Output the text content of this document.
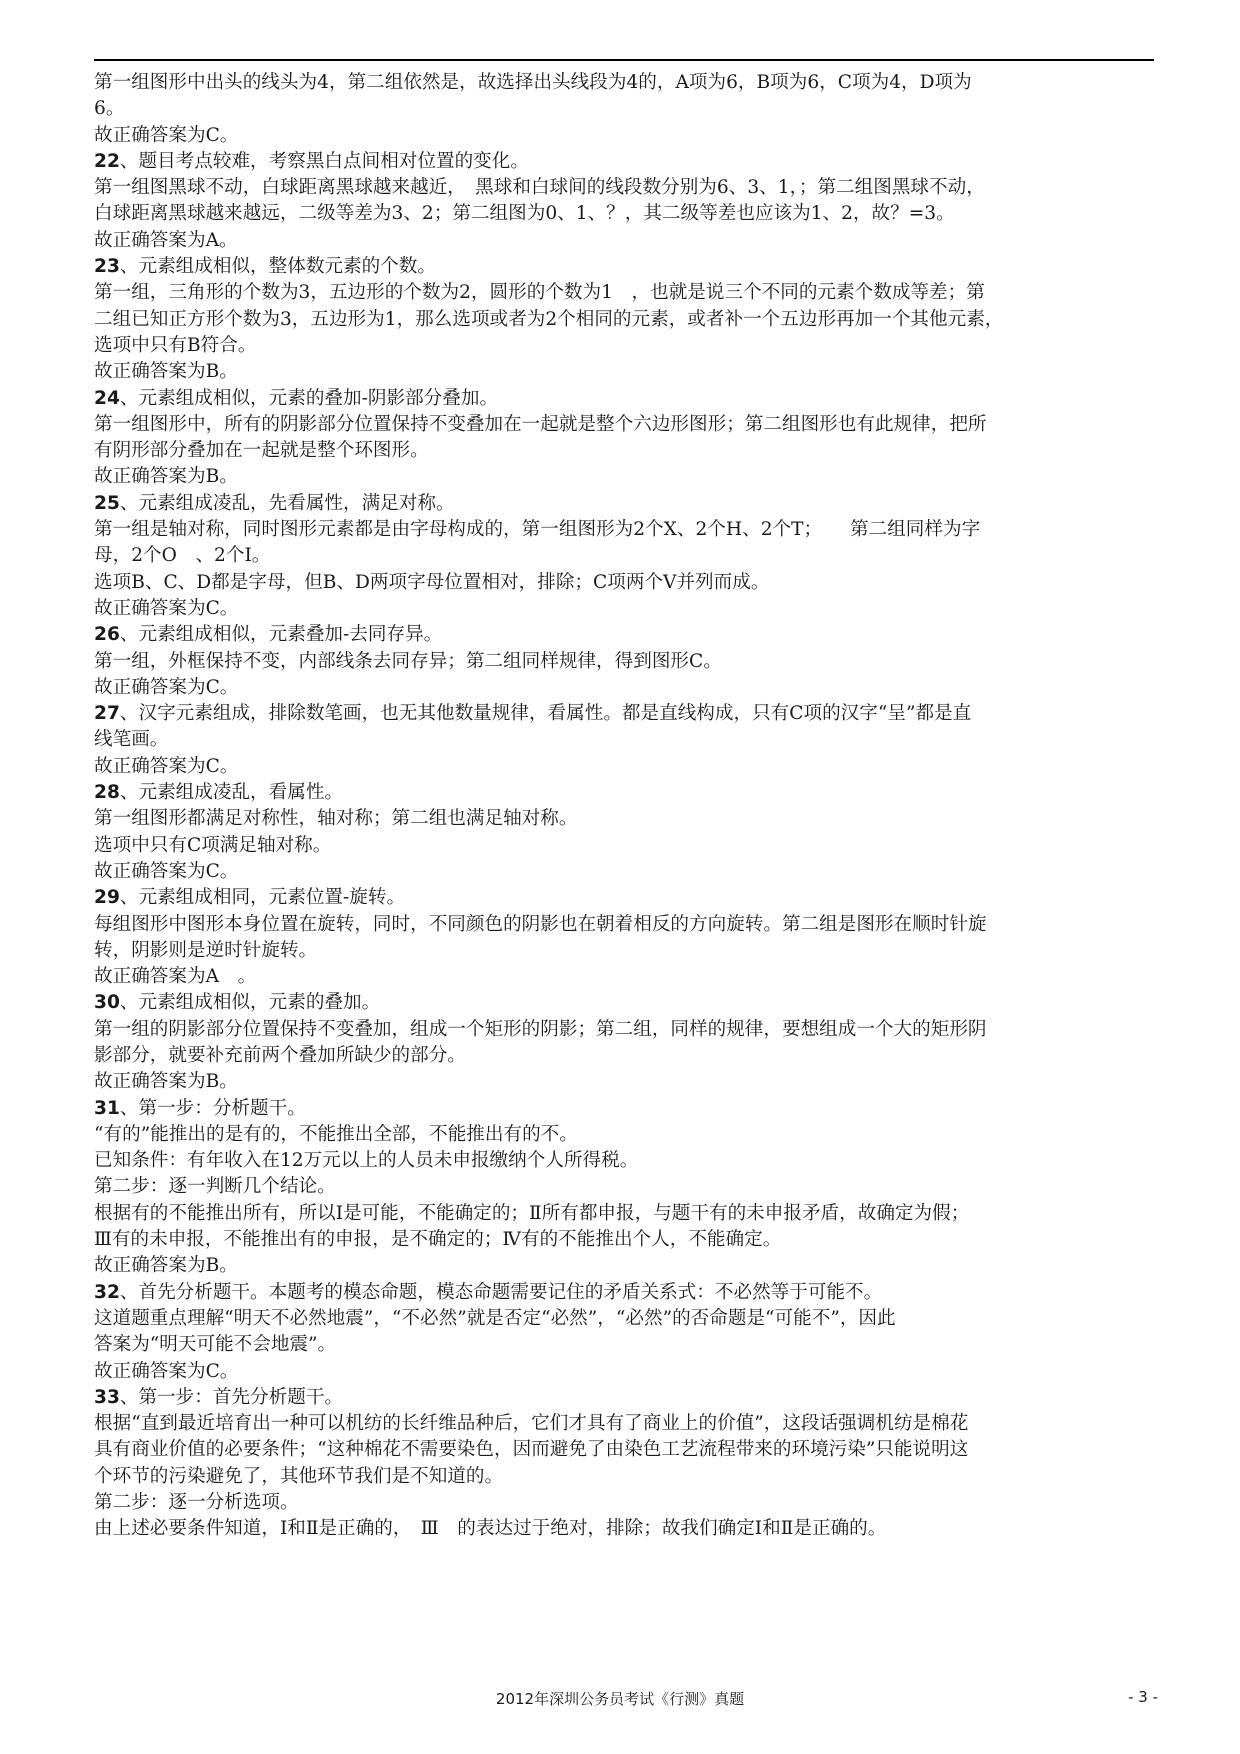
第一组图形中出头的线头为4，第二组依然是，故选择出头线段为4的，A项为6，B项为6，C项为4，D项为
6。
故正确答案为C。
22、题目考点较难，考察黑白点间相对位置的变化。
第一组图黑球不动，白球距离黑球越来越近，　黑球和白球间的线段数分别为6、3、1，；第二组图黑球不动，
白球距离黑球越来越远，二级等差为3、2；第二组图为0、1、？，其二级等差也应该为1、2，故？=3。
故正确答案为A。
23、元素组成相似，整体数元素的个数。
第一组，三角形的个数为3，五边形的个数为2，圆形的个数为1　，也就是说三个不同的元素个数成等差；第
二组已知正方形个数为3，五边形为1，那么选项或者为2个相同的元素，或者补一个五边形再加一个其他元素，
选项中只有B符合。
故正确答案为B。
24、元素组成相似，元素的叠加-阴影部分叠加。
第一组图形中，所有的阴影部分位置保持不变叠加在一起就是整个六边形图形；第二组图形也有此规律，把所
有阴形部分叠加在一起就是整个环图形。
故正确答案为B。
25、元素组成凌乱，先看属性，满足对称。
第一组是轴对称，同时图形元素都是由字母构成的，第一组图形为2个X、2个H、2个T；　　第二组同样为字
母，2个O　、2个I。
选项B、C、D都是字母，但B、D两项字母位置相对，排除；C项两个V并列而成。
故正确答案为C。
26、元素组成相似，元素叠加-去同存异。
第一组，外框保持不变，内部线条去同存异；第二组同样规律，得到图形C。
故正确答案为C。
27、汉字元素组成，排除数笔画，也无其他数量规律，看属性。都是直线构成，只有C项的汉字“呈”都是直
线笔画。
故正确答案为C。
28、元素组成凌乱，看属性。
第一组图形都满足对称性，轴对称；第二组也满足轴对称。
选项中只有C项满足轴对称。
故正确答案为C。
29、元素组成相同，元素位置-旋转。
每组图形中图形本身位置在旋转，同时，不同颜色的阴影也在朝着相反的方向旋转。第二组是图形在顺时针旋
转，阴影则是逆时针旋转。
故正确答案为A　。
30、元素组成相似，元素的叠加。
第一组的阴影部分位置保持不变叠加，组成一个矩形的阴影；第二组，同样的规律，要想组成一个大的矩形阴
影部分，就要补充前两个叠加所缺少的部分。
故正确答案为B。
31、第一步：分析题干。
“有的”能推出的是有的，不能推出全部，不能推出有的不。
已知条件：有年收入在12万元以上的人员未申报缴纳个人所得税。
第二步：逐一判断几个结论。
根据有的不能推出所有，所以Ⅰ是可能，不能确定的；Ⅱ所有都申报，与题干有的未申报矛盾，故确定为假；
Ⅲ有的未申报，不能推出有的申报，是不确定的；Ⅳ有的不能推出个人，不能确定。
故正确答案为B。
32、首先分析题干。本题考的模态命题，模态命题需要记住的矛盾关系式：不必然等于可能不。
这道题重点理解“明天不必然地震”，“不必然”就是否定“必然”，“必然”的否命题是“可能不”，因此
答案为“明天可能不会地震”。
故正确答案为C。
33、第一步：首先分析题干。
根据“直到最近培育出一种可以机纺的长纤维品种后，它们才具有了商业上的价值”，这段话强调机纺是棉花
具有商业价值的必要条件；“这种棉花不需要染色，因而避免了由染色工艺流程带来的环境污染”只能说明这
个环节的污染避免了，其他环节我们是不知道的。
第二步：逐一分析选项。
由上述必要条件知道，Ⅰ和Ⅱ是正确的，　Ⅲ　的表达过于绝对，排除；故我们确定Ⅰ和Ⅱ是正确的。
2012年深圳公务员考试《行测》真题	- 3 -
